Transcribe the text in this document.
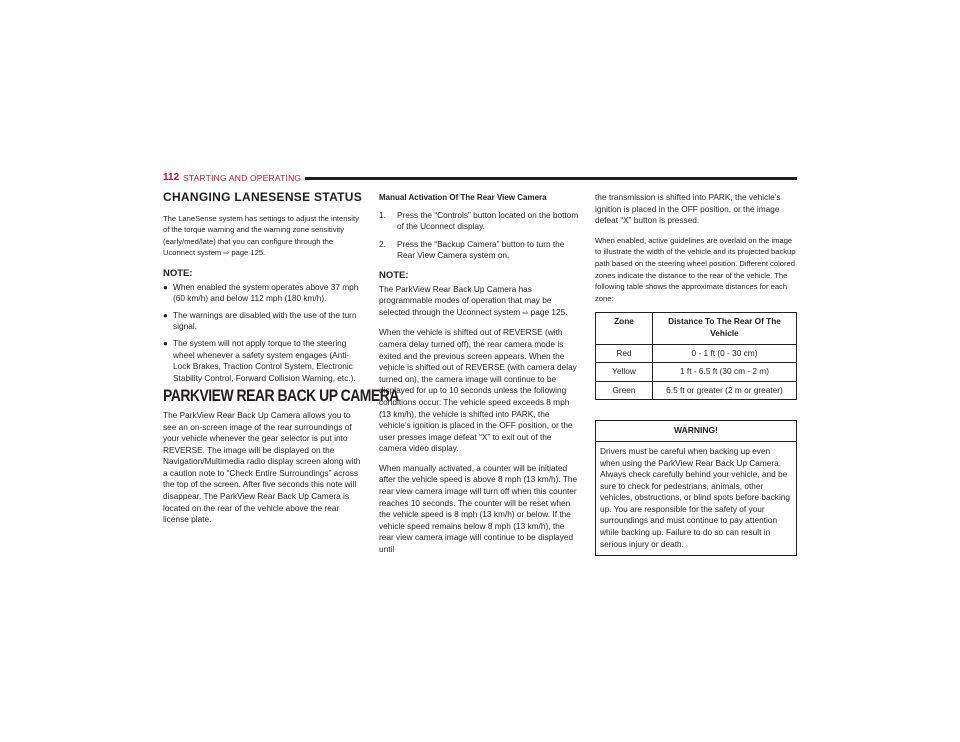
112 STARTING AND OPERATING
CHANGING LANESENSE STATUS

The LaneSense system has settings to adjust the intensity of the torque warning and the warning zone sensitivity (early/med/late) that you can configure through the Uconnect system ⇨ page 125.

NOTE:
● When enabled the system operates above 37 mph (60 km/h) and below 112 mph (180 km/h).
● The warnings are disabled with the use of the turn signal.
● The system will not apply torque to the steering wheel whenever a safety system engages (Anti-Lock Brakes, Traction Control System, Electronic Stability Control, Forward Collision Warning, etc.).
PARKVIEW REAR BACK UP CAMERA

The ParkView Rear Back Up Camera allows you to see an on-screen image of the rear surroundings of your vehicle whenever the gear selector is put into REVERSE. The image will be displayed on the Navigation/Multimedia radio display screen along with a caution note to “Check Entire Surroundings” across the top of the screen. After five seconds this note will disappear. The ParkView Rear Back Up Camera is located on the rear of the vehicle above the rear license plate.

Manual Activation Of The Rear View Camera
1. Press the “Controls” button located on the bottom of the Uconnect display.
2. Press the “Backup Camera” button to turn the Rear View Camera system on.
NOTE:

The ParkView Rear Back Up Camera has programmable modes of operation that may be selected through the Uconnect system ⇨ page 125.

When the vehicle is shifted out of REVERSE (with camera delay turned off), the rear camera mode is exited and the previous screen appears. When the vehicle is shifted out of REVERSE (with camera delay turned on), the camera image will continue to be displayed for up to 10 seconds unless the following conditions occur: The vehicle speed exceeds 8 mph (13 km/h), the vehicle is shifted into PARK, the vehicle’s ignition is placed in the OFF position, or the user presses image defeat “X” to exit out of the camera video display.

When manually activated, a counter will be initiated after the vehicle speed is above 8 mph (13 km/h). The rear view camera image will turn off when this counter reaches 10 seconds. The counter will be reset when the vehicle speed is 8 mph (13 km/h) or below. If the vehicle speed remains below 8 mph (13 km/h), the rear view camera image will continue to be displayed until

the transmission is shifted into PARK, the vehicle’s ignition is placed in the OFF position, or the image defeat “X” button is pressed.

When enabled, active guidelines are overlaid on the image to illustrate the width of the vehicle and its projected backup path based on the steering wheel position. Different colored zones indicate the distance to the rear of the vehicle. The following table shows the approximate distances for each zone:

Zone	Distance To The Rear Of The Vehicle
Red	0 - 1 ft (0 - 30 cm)
Yellow	1 ft - 6.5 ft (30 cm - 2 m)
Green	6.5 ft or greater (2 m or greater)
WARNING!
Drivers must be careful when backing up even when using the ParkView Rear Back Up Camera. Always check carefully behind your vehicle, and be sure to check for pedestrians, animals, other vehicles, obstructions, or blind spots before backing up. You are responsible for the safety of your surroundings and must continue to pay attention while backing up. Failure to do so can result in serious injury or death.
